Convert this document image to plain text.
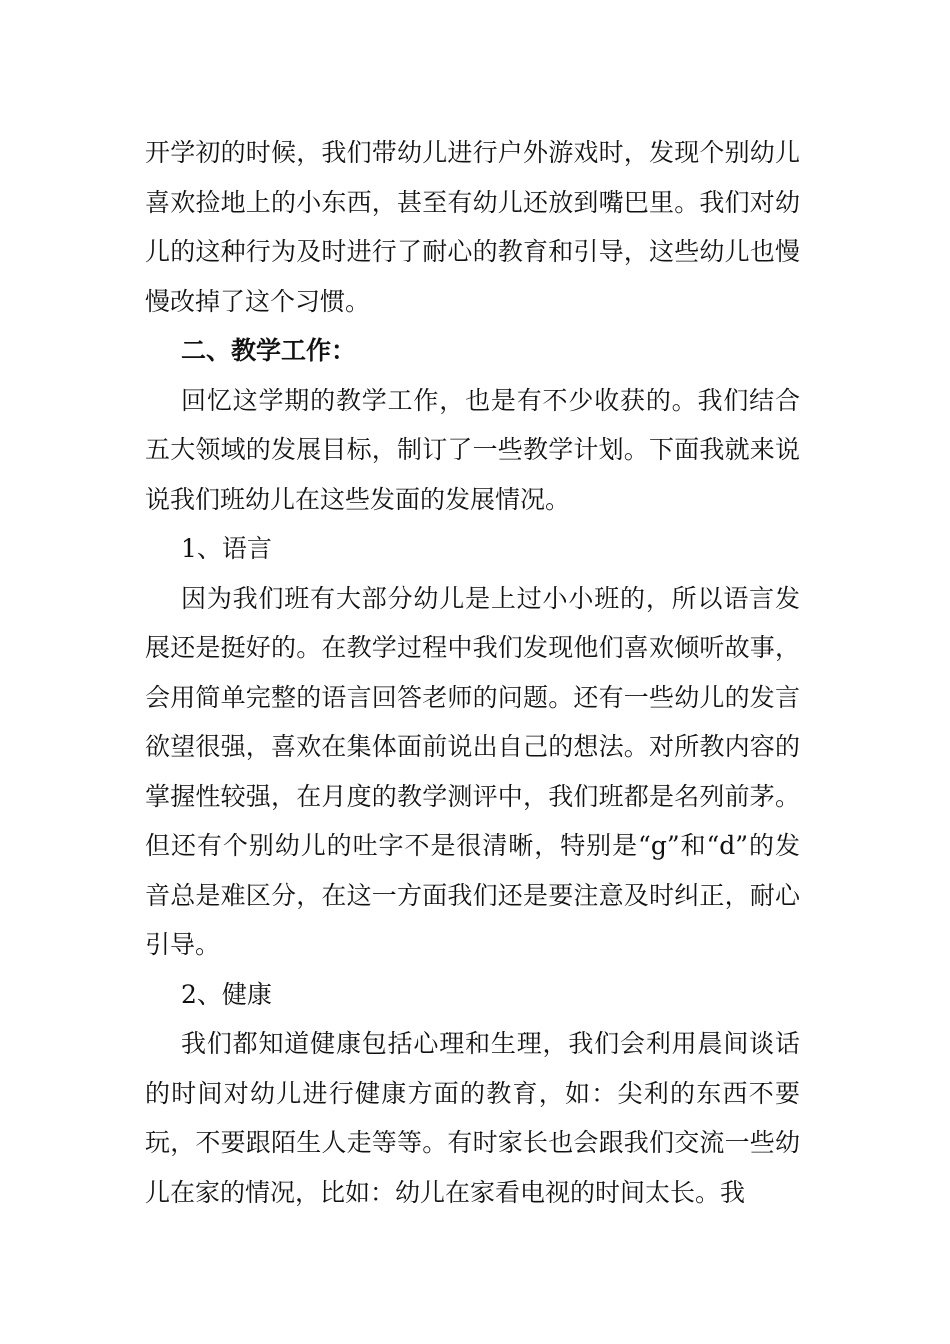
开学初的时候，我们带幼儿进行户外游戏时，发现个别幼儿喜欢捡地上的小东西，甚至有幼儿还放到嘴巴里。我们对幼儿的这种行为及时进行了耐心的教育和引导，这些幼儿也慢慢改掉了这个习惯。

二、教学工作：

回忆这学期的教学工作，也是有不少收获的。我们结合五大领域的发展目标，制订了一些教学计划。下面我就来说说我们班幼儿在这些发面的发展情况。

1、语言

因为我们班有大部分幼儿是上过小小班的，所以语言发展还是挺好的。在教学过程中我们发现他们喜欢倾听故事，会用简单完整的语言回答老师的问题。还有一些幼儿的发言欲望很强，喜欢在集体面前说出自己的想法。对所教内容的掌握性较强，在月度的教学测评中，我们班都是名列前茅。但还有个别幼儿的吐字不是很清晰，特别是“g”和“d”的发音总是难区分，在这一方面我们还是要注意及时纠正，耐心引导。

2、健康

我们都知道健康包括心理和生理，我们会利用晨间谈话的时间对幼儿进行健康方面的教育，如：尖利的东西不要玩，不要跟陌生人走等等。有时家长也会跟我们交流一些幼儿在家的情况，比如：幼儿在家看电视的时间太长。我
